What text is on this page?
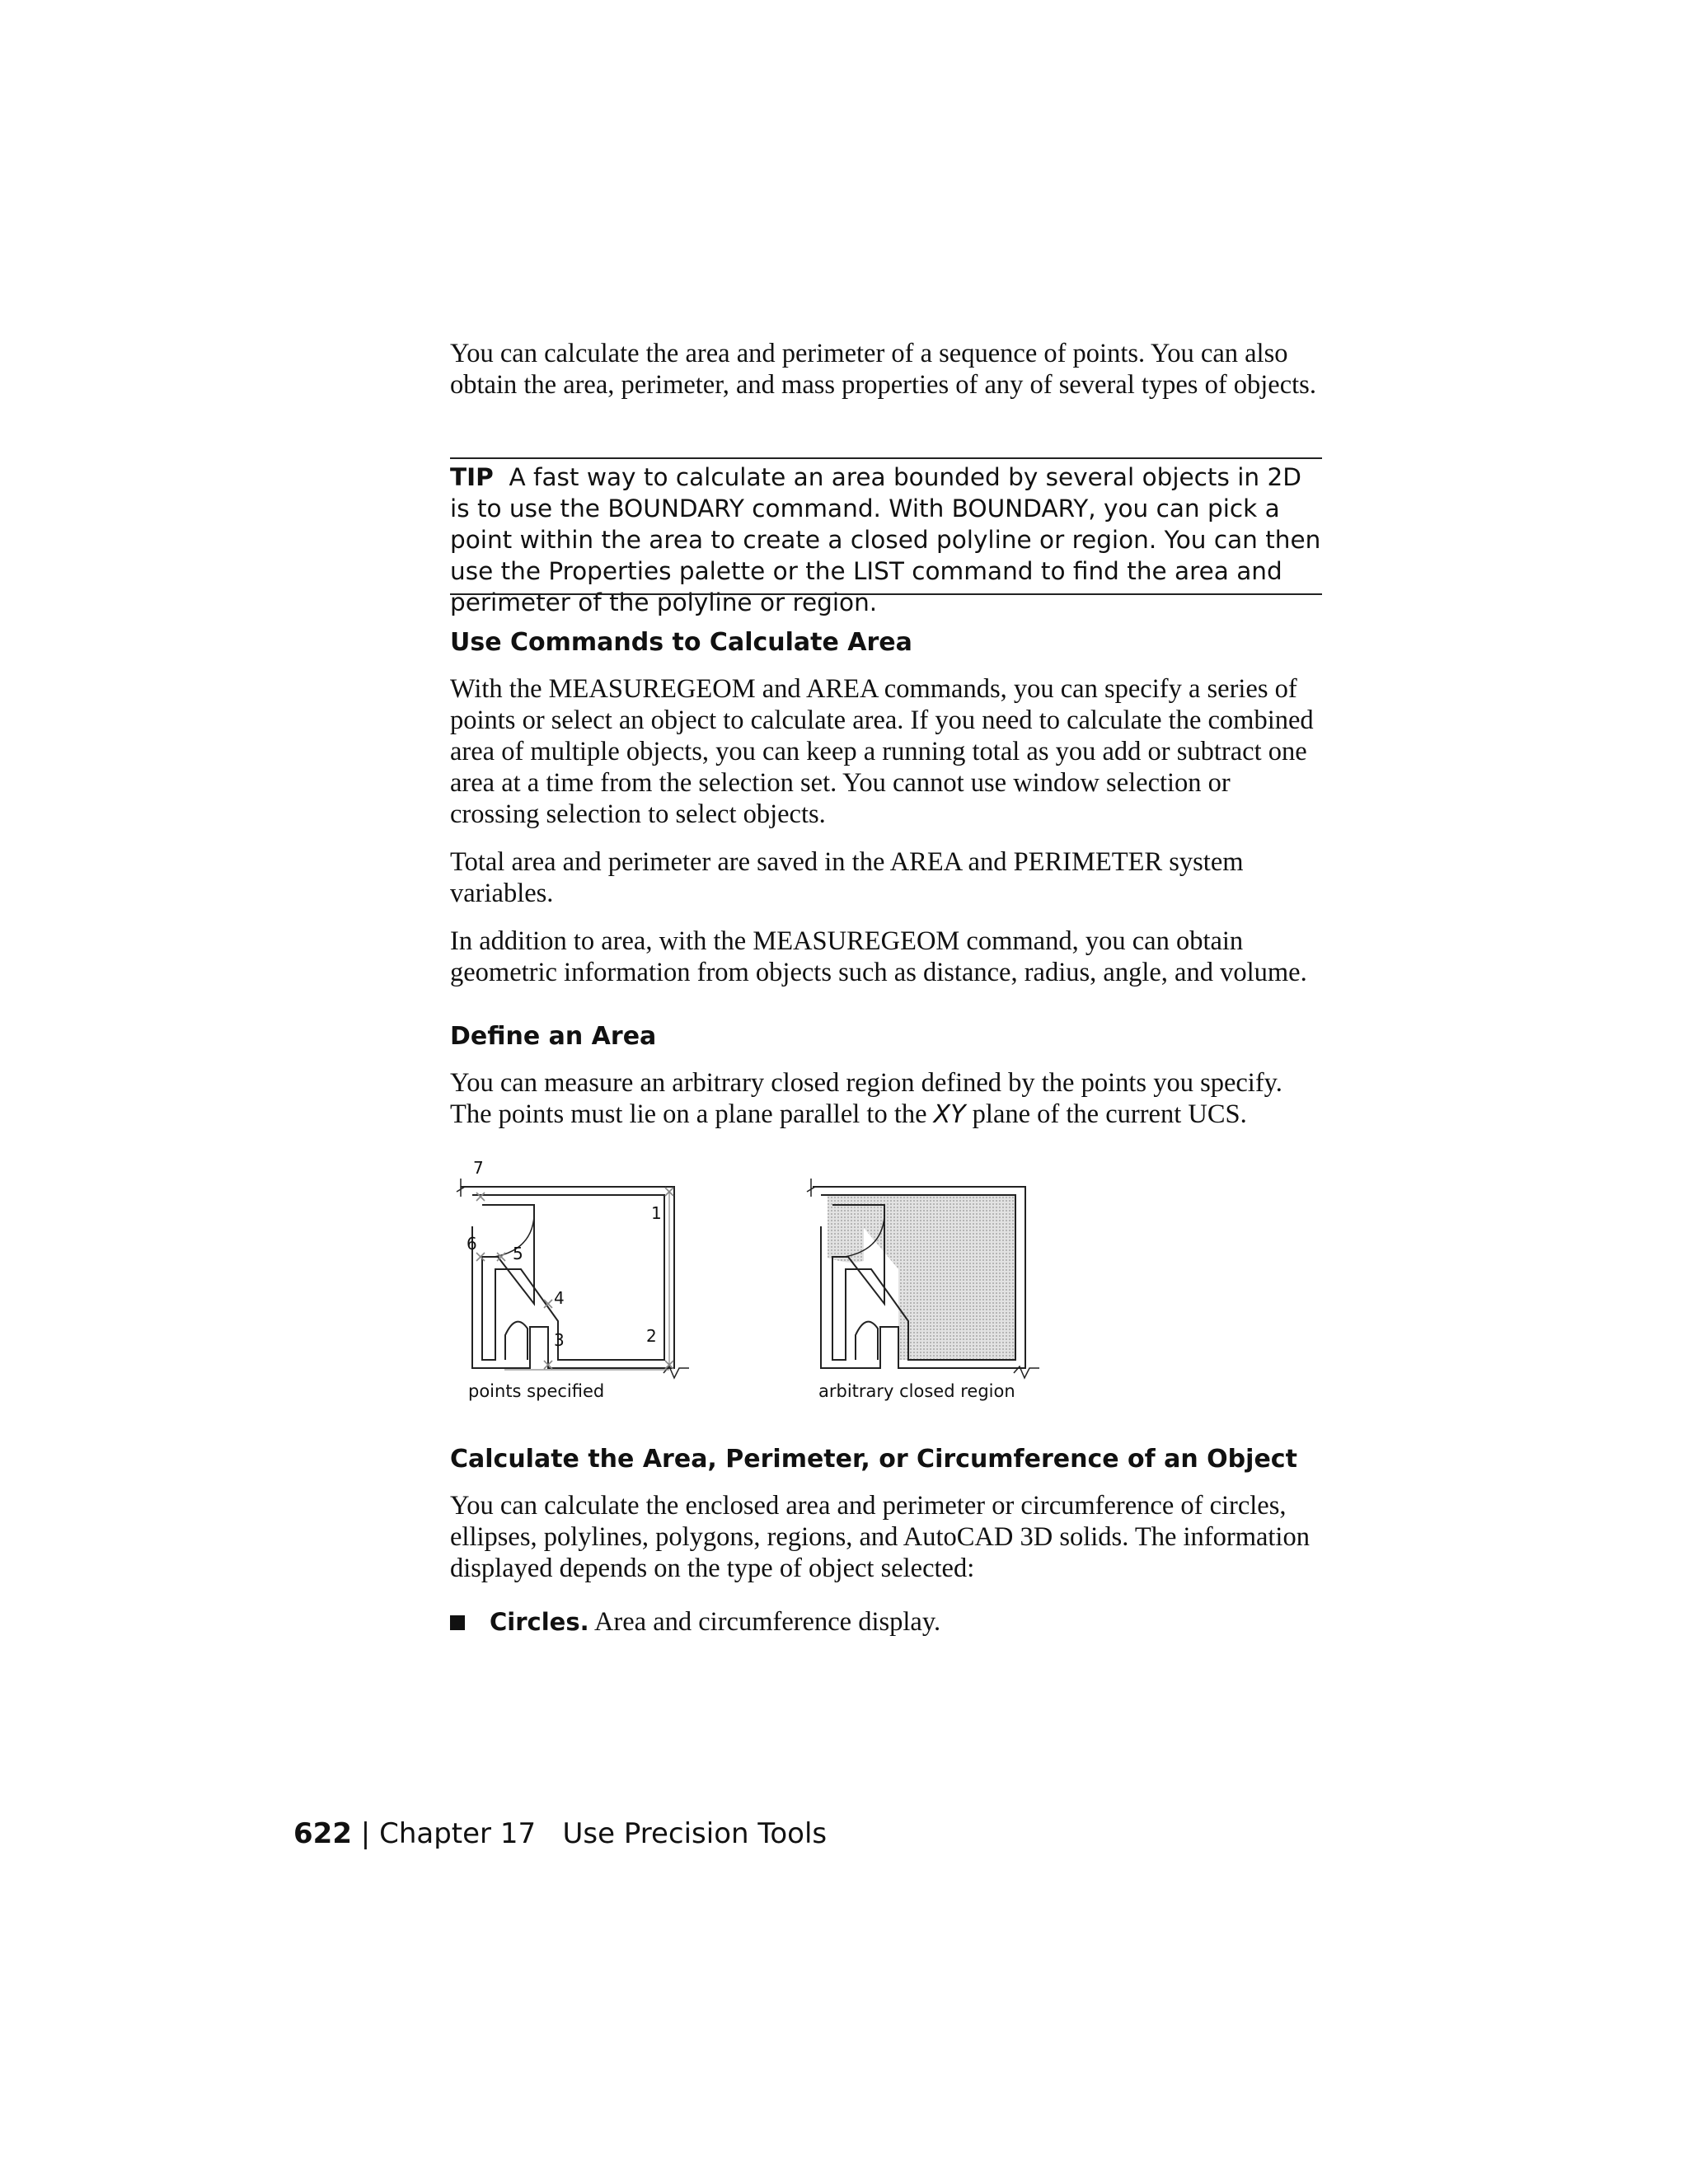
You can calculate the area and perimeter of a sequence of points. You can also obtain the area, perimeter, and mass properties of any of several types of objects.

TIP A fast way to calculate an area bounded by several objects in 2D is to use the BOUNDARY command. With BOUNDARY, you can pick a point within the area to create a closed polyline or region. You can then use the Properties palette or the LIST command to find the area and perimeter of the polyline or region.

Use Commands to Calculate Area

With the MEASUREGEOM and AREA commands, you can specify a series of points or select an object to calculate area. If you need to calculate the combined area of multiple objects, you can keep a running total as you add or subtract one area at a time from the selection set. You cannot use window selection or crossing selection to select objects.

Total area and perimeter are saved in the AREA and PERIMETER system variables.

In addition to area, with the MEASUREGEOM command, you can obtain geometric information from objects such as distance, radius, angle, and volume.

Define an Area

You can measure an arbitrary closed region defined by the points you specify. The points must lie on a plane parallel to the XY plane of the current UCS.

1
2
3
4
5
6
7
points specified	arbitrary closed region
Calculate the Area, Perimeter, or Circumference of an Object

You can calculate the enclosed area and perimeter or circumference of circles, ellipses, polylines, polygons, regions, and AutoCAD 3D solids. The information displayed depends on the type of object selected:

Circles. Area and circumference display.
622 | Chapter 17 Use Precision Tools
